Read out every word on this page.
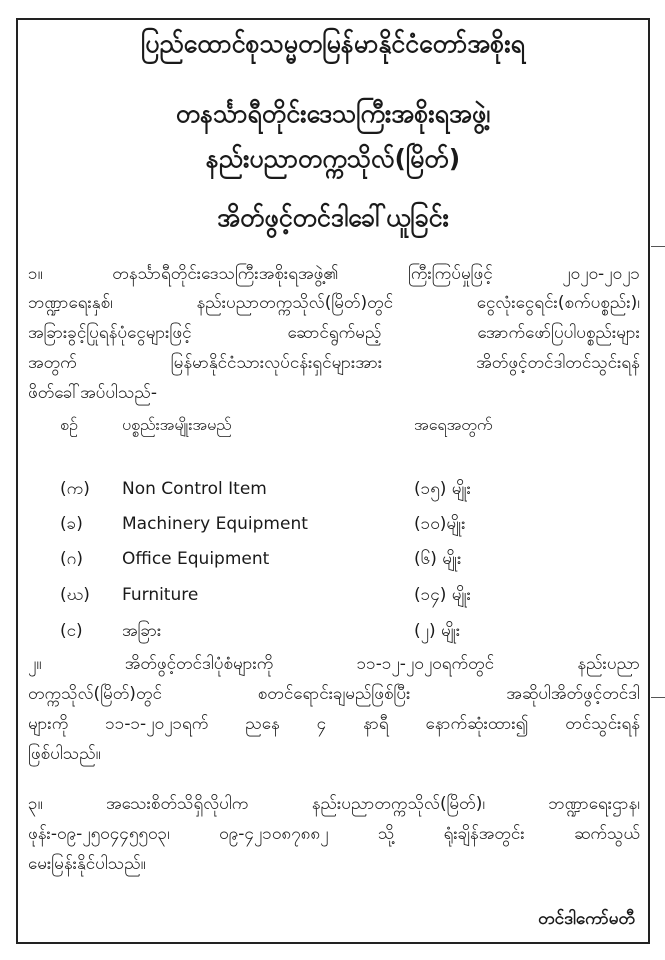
ပြည်ထောင်စုသမ္မတမြန်မာနိုင်ငံတော်အစိုးရ
တနင်္သာရီတိုင်းဒေသကြီးအစိုးရအဖွဲ့၊
နည်းပညာတက္ကသိုလ်(မြိတ်)
အိတ်ဖွင့်တင်ဒါခေါ်ယူခြင်း
၁။ တနင်္သာရီတိုင်းဒေသကြီးအစိုးရအဖွဲ့၏ ကြီးကြပ်မှုဖြင့် ၂၀၂၀-၂၀၂၁
ဘဏ္ဍာရေးနှစ်၊ နည်းပညာတက္ကသိုလ်(မြိတ်)တွင် ငွေလုံးငွေရင်း(စက်ပစ္စည်း)၊
အခြားခွင့်ပြုရန်ပုံငွေများဖြင့် ဆောင်ရွက်မည့် အောက်ဖော်ပြပါပစ္စည်းများ
အတွက် မြန်မာနိုင်ငံသားလုပ်ငန်းရှင်များအား အိတ်ဖွင့်တင်ဒါတင်သွင်းရန်
ဖိတ်ခေါ်အပ်ပါသည်-
စဉ်	ပစ္စည်းအမျိုးအမည်	အရေအတွက်
(က) Non Control Item	(၁၅) မျိုး
(ခ) Machinery Equipment	(၁၀)မျိုး
(ဂ) Office Equipment	(၆) မျိုး
(ဃ) Furniture	(၁၄) မျိုး
(င) အခြား	(၂) မျိုး
၂။ အိတ်ဖွင့်တင်ဒါပုံစံများကို ၁၁-၁၂-၂၀၂၀ရက်တွင် နည်းပညာ
တက္ကသိုလ်(မြိတ်)တွင် စတင်ရောင်းချမည်ဖြစ်ပြီး အဆိုပါအိတ်ဖွင့်တင်ဒါ
များကို ၁၁-၁-၂၀၂၁ရက် ညနေ ၄ နာရီ နောက်ဆုံးထား၍ တင်သွင်းရန်
ဖြစ်ပါသည်။
၃။ အသေးစိတ်သိရှိလိုပါက နည်းပညာတက္ကသိုလ်(မြိတ်)၊ ဘဏ္ဍာရေးဌာန၊
ဖုန်း-၀၉-၂၅၀၄၄၅၅၀၃၊ ၀၉-၄၂၁၀၈၇၈၈၂ သို့ ရုံးချိန်အတွင်း ဆက်သွယ်
မေးမြန်းနိုင်ပါသည်။
တင်ဒါကော်မတီ
